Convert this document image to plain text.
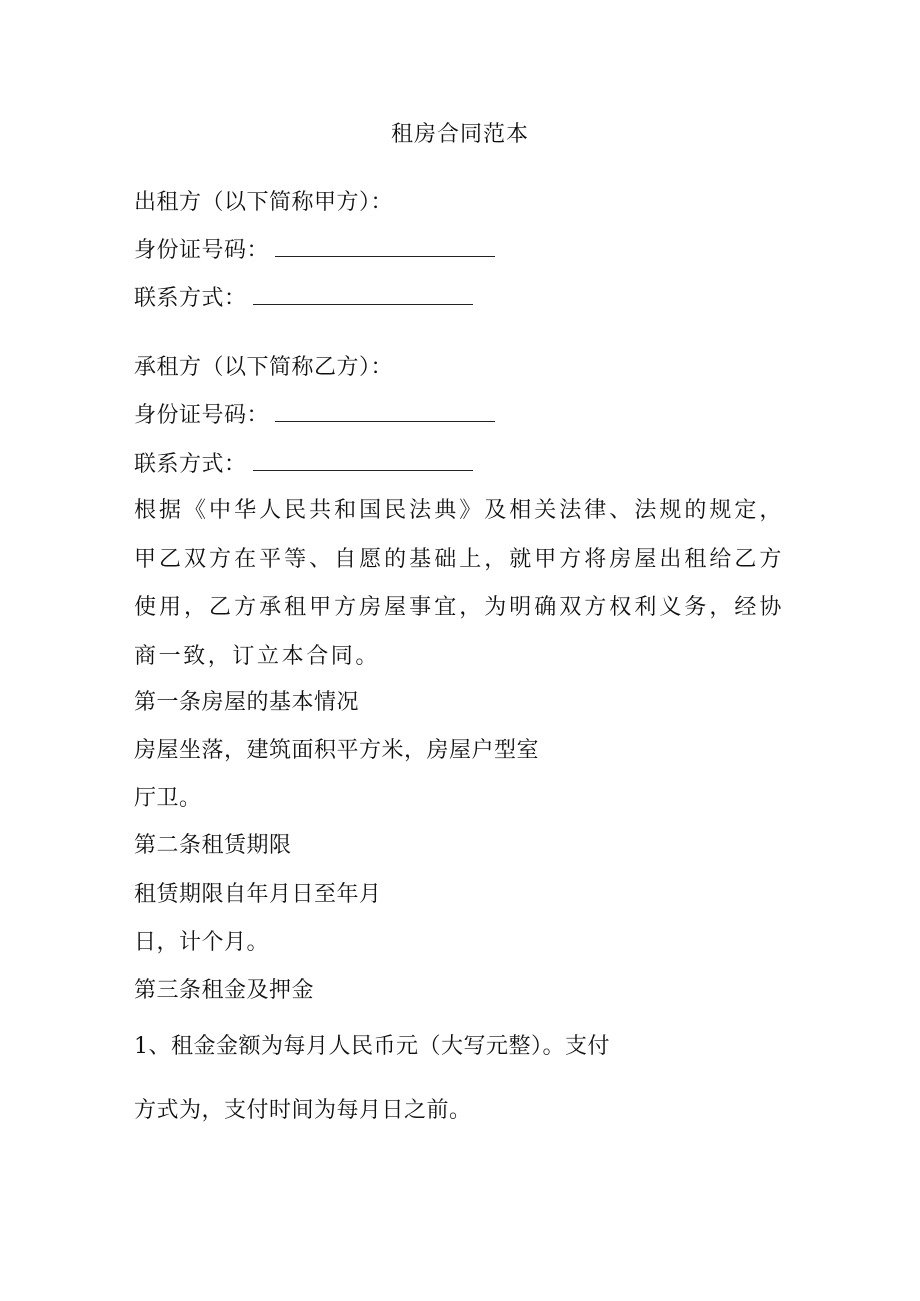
租房合同范本
出租方（以下简称甲方）：
身份证号码：
联系方式：
承租方（以下简称乙方）：
身份证号码：
联系方式：
根据《中华人民共和国民法典》及相关法律、法规的规定，甲乙双方在平等、自愿的基础上，就甲方将房屋出租给乙方使用，乙方承租甲方房屋事宜，为明确双方权利义务，经协商一致，订立本合同。
第一条房屋的基本情况
房屋坐落，建筑面积平方米，房屋户型室
厅卫。
第二条租赁期限
租赁期限自年月日至年月
日，计个月。
第三条租金及押金
1、租金金额为每月人民币元（大写元整）。支付
方式为，支付时间为每月日之前。
